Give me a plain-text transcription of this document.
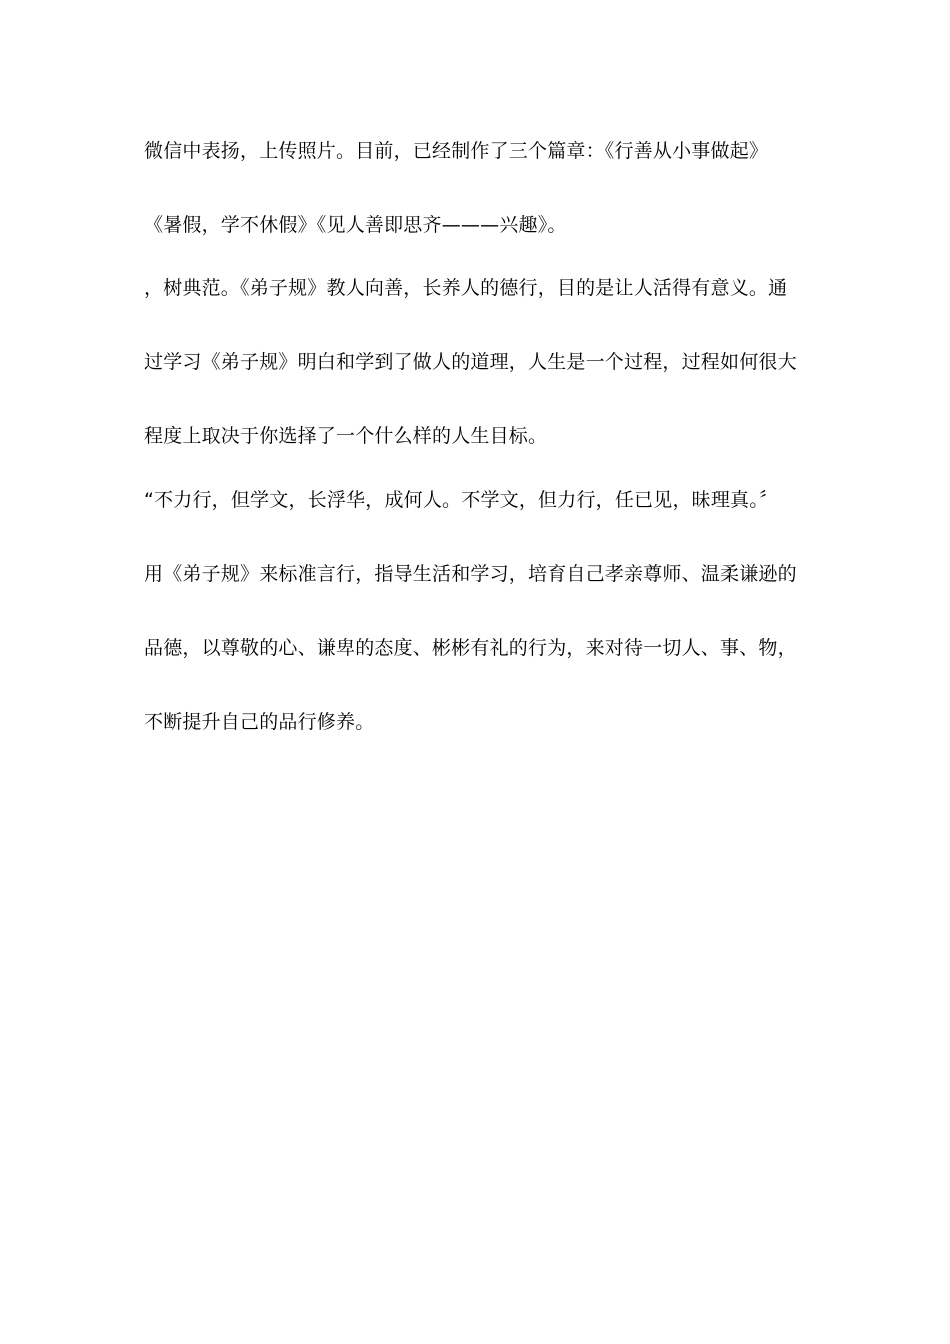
微信中表扬，上传照片。目前，已经制作了三个篇章：《行善从小事做起》
《暑假，学不休假》《见人善即思齐———兴趣》。
，树典范。《弟子规》教人向善，长养人的德行，目的是让人活得有意义。通
过学习《弟子规》明白和学到了做人的道理，人生是一个过程，过程如何很大
程度上取决于你选择了一个什么样的人生目标。
“不力行，但学文，长浮华，成何人。不学文，但力行，任已见，昧理真。〞
用《弟子规》来标准言行，指导生活和学习，培育自己孝亲尊师、温柔谦逊的
品德，以尊敬的心、谦卑的态度、彬彬有礼的行为，来对待一切人、事、物，
不断提升自己的品行修养。
